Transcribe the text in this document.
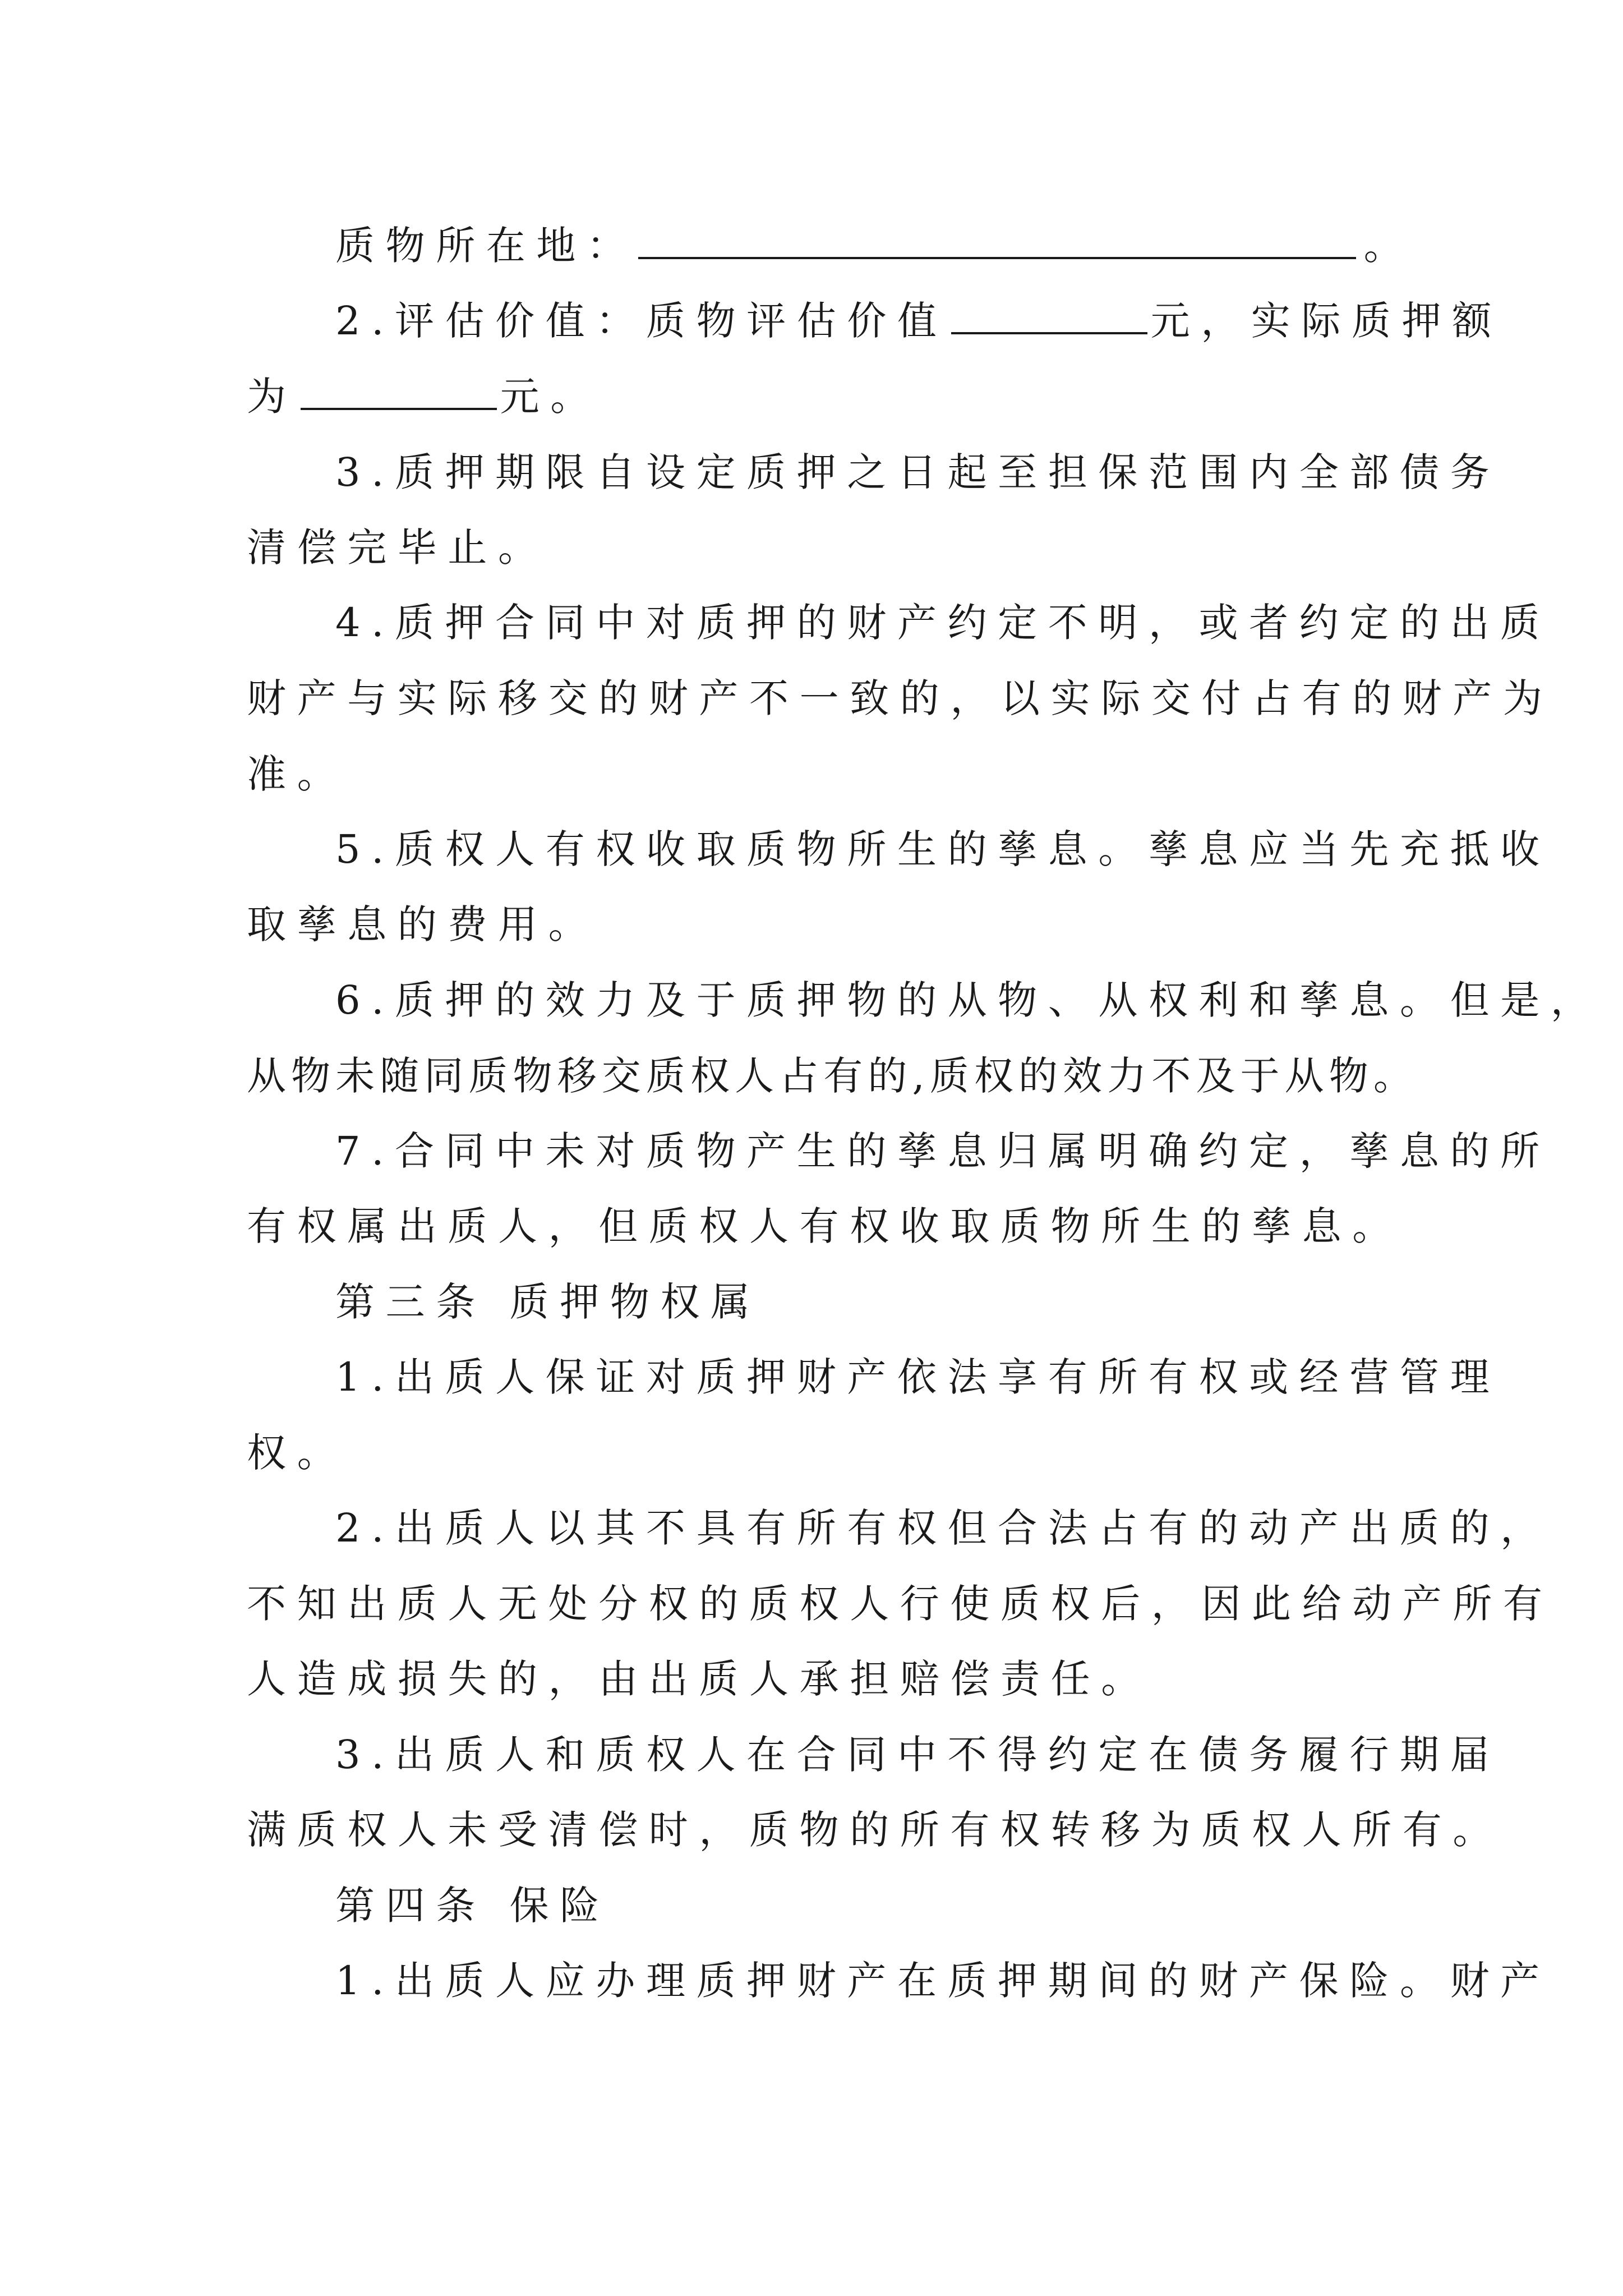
质物所在地：	。
2.评估价值：质物评估价值	元，实际质押额
为	元。
3.质押期限自设定质押之日起至担保范围内全部债务
清偿完毕止。
4.质押合同中对质押的财产约定不明，或者约定的出质
财产与实际移交的财产不一致的，以实际交付占有的财产为
准。
5.质权人有权收取质物所生的孳息。孳息应当先充抵收
取孳息的费用。
6.质押的效力及于质押物的从物、从权利和孳息。但是，
从物未随同质物移交质权人占有的,质权的效力不及于从物。
7.合同中未对质物产生的孳息归属明确约定，孳息的所
有权属出质人，但质权人有权收取质物所生的孳息。
第三条 质押物权属
1.出质人保证对质押财产依法享有所有权或经营管理
权。
2.出质人以其不具有所有权但合法占有的动产出质的，
不知出质人无处分权的质权人行使质权后，因此给动产所有
人造成损失的，由出质人承担赔偿责任。
3.出质人和质权人在合同中不得约定在债务履行期届
满质权人未受清偿时，质物的所有权转移为质权人所有。
第四条 保险
1.出质人应办理质押财产在质押期间的财产保险。财产
